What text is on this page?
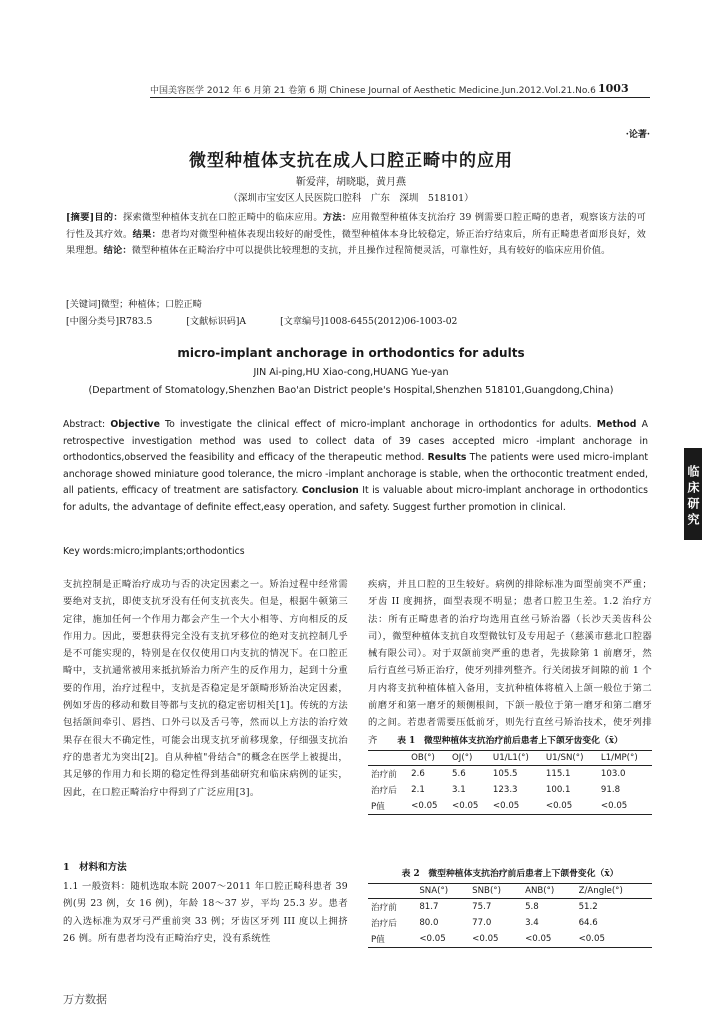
中国美容医学 2012 年 6 月第 21 卷第 6 期 Chinese Journal of Aesthetic Medicine.Jun.2012.Vol.21.No.6 1003
·论著·
微型种植体支抗在成人口腔正畸中的应用
靳爱萍，胡晓聪，黄月燕
（深圳市宝安区人民医院口腔科　广东　深圳　518101）
[摘要]目的：探索微型种植体支抗在口腔正畸中的临床应用。方法：应用微型种植体支抗治疗 39 例需要口腔正畸的患者，观察该方法的可行性及其疗效。结果：患者均对微型种植体表现出较好的耐受性，微型种植体本身比较稳定，矫正治疗结束后，所有正畸患者面形良好，效果理想。结论：微型种植体在正畸治疗中可以提供比较理想的支抗，并且操作过程简便灵活，可靠性好，具有较好的临床应用价值。
[关键词]微型；种植体；口腔正畸
[中图分类号]R783.5	[文献标识码]A	[文章编号]1008-6455(2012)06-1003-02
micro-implant anchorage in orthodontics for adults
JIN Ai-ping,HU Xiao-cong,HUANG Yue-yan
(Department of Stomatology,Shenzhen Bao'an District people's Hospital,Shenzhen 518101,Guangdong,China)
Abstract: Objective To investigate the clinical effect of micro-implant anchorage in orthodontics for adults. Method A retrospective investigation method was used to collect data of 39 cases accepted micro -implant anchorage in orthodontics,observed the feasibility and efficacy of the therapeutic method. Results The patients were used micro-implant anchorage showed miniature good tolerance, the micro -implant anchorage is stable, when the orthocontic treatment ended, all patients, efficacy of treatment are satisfactory. Conclusion It is valuable about micro-implant anchorage in orthodontics for adults, the advantage of definite effect,easy operation, and safety. Suggest further promotion in clinical.
Key words:micro;implants;orthodontics
支抗控制是正畸治疗成功与否的决定因素之一。矫治过程中经常需要绝对支抗，即使支抗牙没有任何支抗丧失。但是，根据牛顿第三定律，施加任何一个作用力都会产生一个大小相等、方向相反的反作用力。因此，要想获得完全没有支抗牙移位的绝对支抗控制几乎是不可能实现的，特别是在仅仅使用口内支抗的情况下。在口腔正畸中，支抗通常被用来抵抗矫治力所产生的反作用力，起到十分重要的作用，治疗过程中，支抗是否稳定是牙颌畸形矫治决定因素，例如牙齿的移动和数目等都与支抗的稳定密切相关[1]。传统的方法包括颌间牵引、唇挡、口外弓以及舌弓等，然而以上方法的治疗效果存在很大不确定性，可能会出现支抗牙前移现象，仔细强支抗治疗的患者尤为突出[2]。自从种植"骨结合"的概念在医学上被提出，其足够的作用力和长期的稳定性得到基础研究和临床病例的证实，因此，在口腔正畸治疗中得到了广泛应用[3]。
1　材料和方法
1.1 一般资料：随机选取本院 2007～2011 年口腔正畸科患者 39 例(男 23 例，女 16 例)，年龄 18～37 岁，平均 25.3 岁。患者的入选标准为双牙弓严重前突 33 例；牙齿区牙列 III 度以上拥挤 26 例。所有患者均没有正畸治疗史，没有系统性
疾病，并且口腔的卫生较好。病例的排除标准为面型前突不严重；牙齿 II 度拥挤，面型表现不明显；患者口腔卫生差。1.2 治疗方法：所有正畸患者的治疗均选用直丝弓矫治器（长沙天美齿科公司），微型种植体支抗自攻型微钛钉及专用起子（慈溪市慈北口腔器械有限公司）。对于双颌前突严重的患者，先拔除第 1 前磨牙，然后行直丝弓矫正治疗，使牙列排列整齐。行关闭拔牙间隙的前 1 个月内将支抗种植体植入备用，支抗种植体将植入上颌一般位于第二前磨牙和第一磨牙的颊侧根间，下颌一般位于第一磨牙和第二磨牙的之间。若患者需要压低前牙，则先行直丝弓矫治技术，使牙列排齐	表 1　微型种植体支抗治疗前后患者上下颌牙齿变化（x̄）
	OB(°)	OJ(°)	U1/L1(°)	U1/SN(°)	L1/MP(°)
治疗前	2.6	5.6	105.5	115.1	103.0
治疗后	2.1	3.1	123.3	100.1	91.8
P值	<0.05	<0.05	<0.05	<0.05	<0.05
表 2　微型种植体支抗治疗前后患者上下颌骨变化（x̄）
	SNA(°)	SNB(°)	ANB(°)	Z/Angle(°)
治疗前	81.7	75.7	5.8	51.2
治疗后	80.0	77.0	3.4	64.6
P值	<0.05	<0.05	<0.05	<0.05
临床研究
万方数据
